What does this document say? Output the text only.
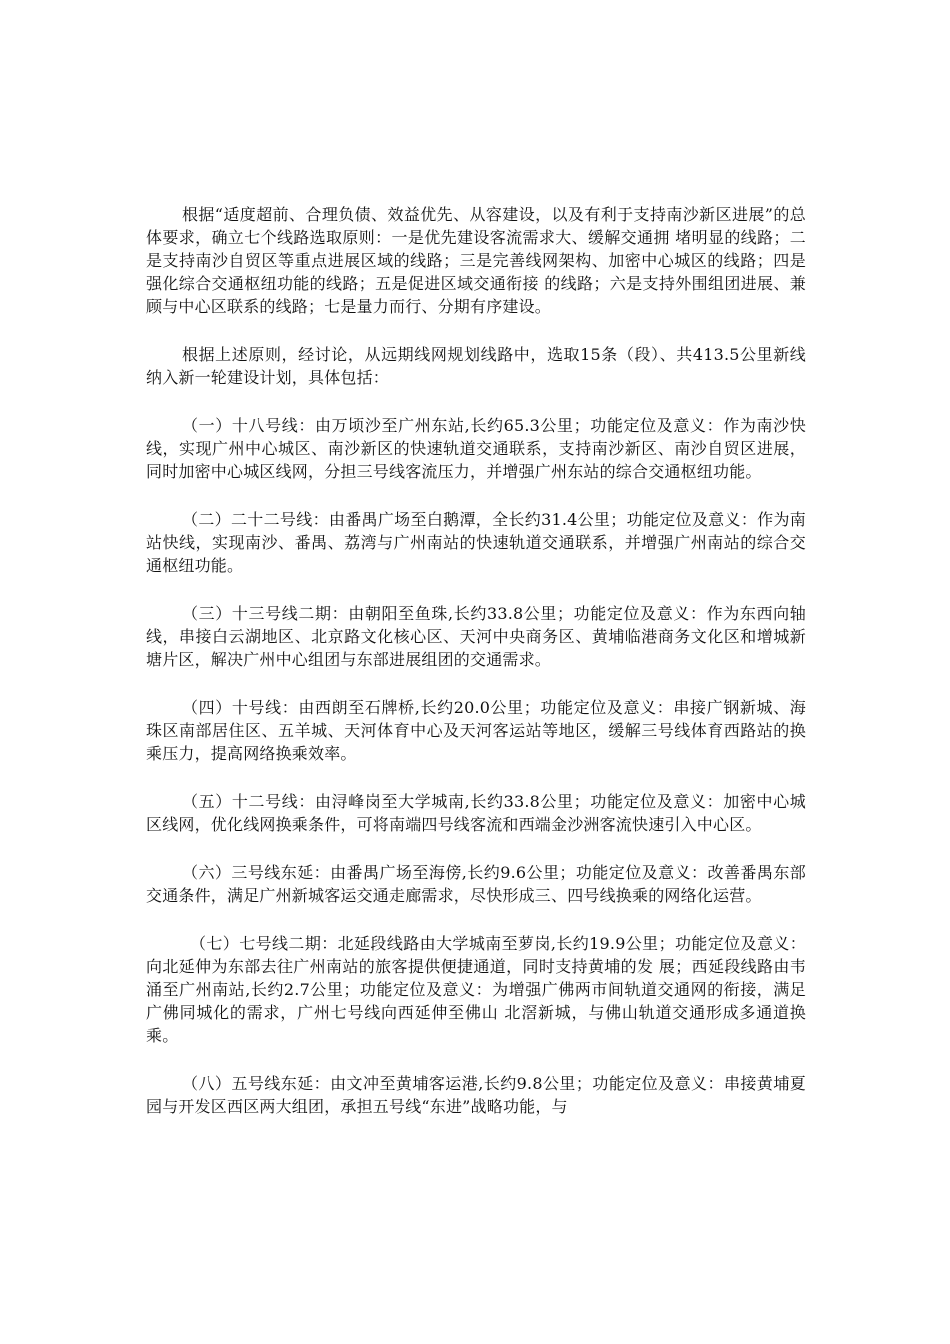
根据“适度超前、合理负债、效益优先、从容建设，以及有利于支持南沙新区进展”的总体要求，确立七个线路选取原则：一是优先建设客流需求大、缓解交通拥 堵明显的线路；二是支持南沙自贸区等重点进展区域的线路；三是完善线网架构、加密中心城区的线路；四是强化综合交通枢纽功能的线路；五是促进区域交通衔接 的线路；六是支持外围组团进展、兼顾与中心区联系的线路；七是量力而行、分期有序建设。

根据上述原则，经讨论，从远期线网规划线路中，选取15条（段）、共413.5公里新线纳入新一轮建设计划，具体包括：

（一）十八号线：由万顷沙至广州东站,长约65.3公里；功能定位及意义：作为南沙快线，实现广州中心城区、南沙新区的快速轨道交通联系，支持南沙新区、南沙自贸区进展，同时加密中心城区线网，分担三号线客流压力，并增强广州东站的综合交通枢纽功能。

（二）二十二号线：由番禺广场至白鹅潭，全长约31.4公里；功能定位及意义：作为南站快线，实现南沙、番禺、荔湾与广州南站的快速轨道交通联系，并增强广州南站的综合交通枢纽功能。

（三）十三号线二期：由朝阳至鱼珠,长约33.8公里；功能定位及意义：作为东西向轴线，串接白云湖地区、北京路文化核心区、天河中央商务区、黄埔临港商务文化区和增城新塘片区，解决广州中心组团与东部进展组团的交通需求。

（四）十号线：由西朗至石牌桥,长约20.0公里；功能定位及意义：串接广钢新城、海珠区南部居住区、五羊城、天河体育中心及天河客运站等地区，缓解三号线体育西路站的换乘压力，提高网络换乘效率。

（五）十二号线：由浔峰岗至大学城南,长约33.8公里；功能定位及意义：加密中心城区线网，优化线网换乘条件，可将南端四号线客流和西端金沙洲客流快速引入中心区。

（六）三号线东延：由番禺广场至海傍,长约9.6公里；功能定位及意义：改善番禺东部交通条件，满足广州新城客运交通走廊需求，尽快形成三、四号线换乘的网络化运营。

（七）七号线二期：北延段线路由大学城南至萝岗,长约19.9公里；功能定位及意义：向北延伸为东部去往广州南站的旅客提供便捷通道，同时支持黄埔的发 展；西延段线路由韦涌至广州南站,长约2.7公里；功能定位及意义：为增强广佛两市间轨道交通网的衔接，满足广佛同城化的需求，广州七号线向西延伸至佛山 北滘新城，与佛山轨道交通形成多通道换乘。

（八）五号线东延：由文冲至黄埔客运港,长约9.8公里；功能定位及意义：串接黄埔夏园与开发区西区两大组团，承担五号线“东进”战略功能，与
